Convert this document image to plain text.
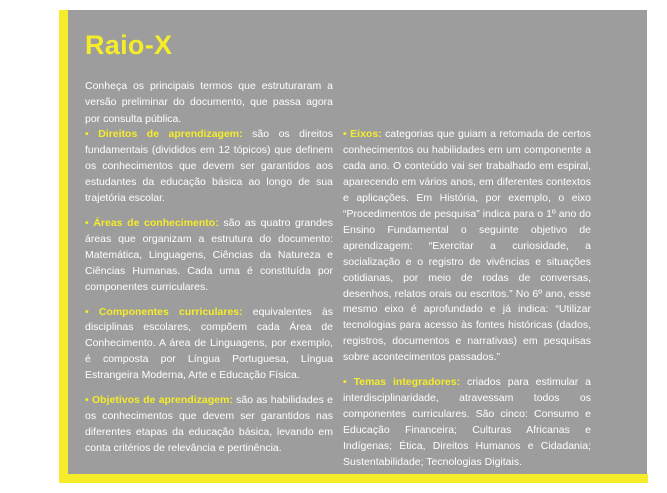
Raio-X
Conheça os principais termos que estruturaram a versão preliminar do documento, que passa agora por consulta pública.
• Direitos de aprendizagem: são os direitos fundamentais (divididos em 12 tópicos) que definem os conhecimentos que devem ser garantidos aos estudantes da educação básica ao longo de sua trajetória escolar.
• Áreas de conhecimento: são as quatro grandes áreas que organizam a estrutura do documento: Matemática, Linguagens, Ciências da Natureza e Ciências Humanas. Cada uma é constituída por componentes curriculares.
• Componentes curriculares: equivalentes às disciplinas escolares, compõem cada Área de Conhecimento. A área de Linguagens, por exemplo, é composta por Língua Portuguesa, Língua Estrangeira Moderna, Arte e Educação Física.
• Objetivos de aprendizagem: são as habilidades e os conhecimentos que devem ser garantidos nas diferentes etapas da educação básica, levando em conta critérios de relevância e pertinência.
• Eixos: categorias que guiam a retomada de certos conhecimentos ou habilidades em um componente a cada ano. O conteúdo vai ser trabalhado em espiral, aparecendo em vários anos, em diferentes contextos e aplicações. Em História, por exemplo, o eixo “Procedimentos de pesquisa” indica para o 1º ano do Ensino Fundamental o seguinte objetivo de aprendizagem: “Exercitar a curiosidade, a socialização e o registro de vivências e situações cotidianas, por meio de rodas de conversas, desenhos, relatos orais ou escritos.” No 6º ano, esse mesmo eixo é aprofundado e já indica: “Utilizar tecnologias para acesso às fontes históricas (dados, registros, documentos e narrativas) em pesquisas sobre acontecimentos passados.”
• Temas integradores: criados para estimular a interdisciplinaridade, atravessam todos os componentes curriculares. São cinco: Consumo e Educação Financeira; Culturas Africanas e Indígenas; Ética, Direitos Humanos e Cidadania; Sustentabilidade; Tecnologias Digitais.
